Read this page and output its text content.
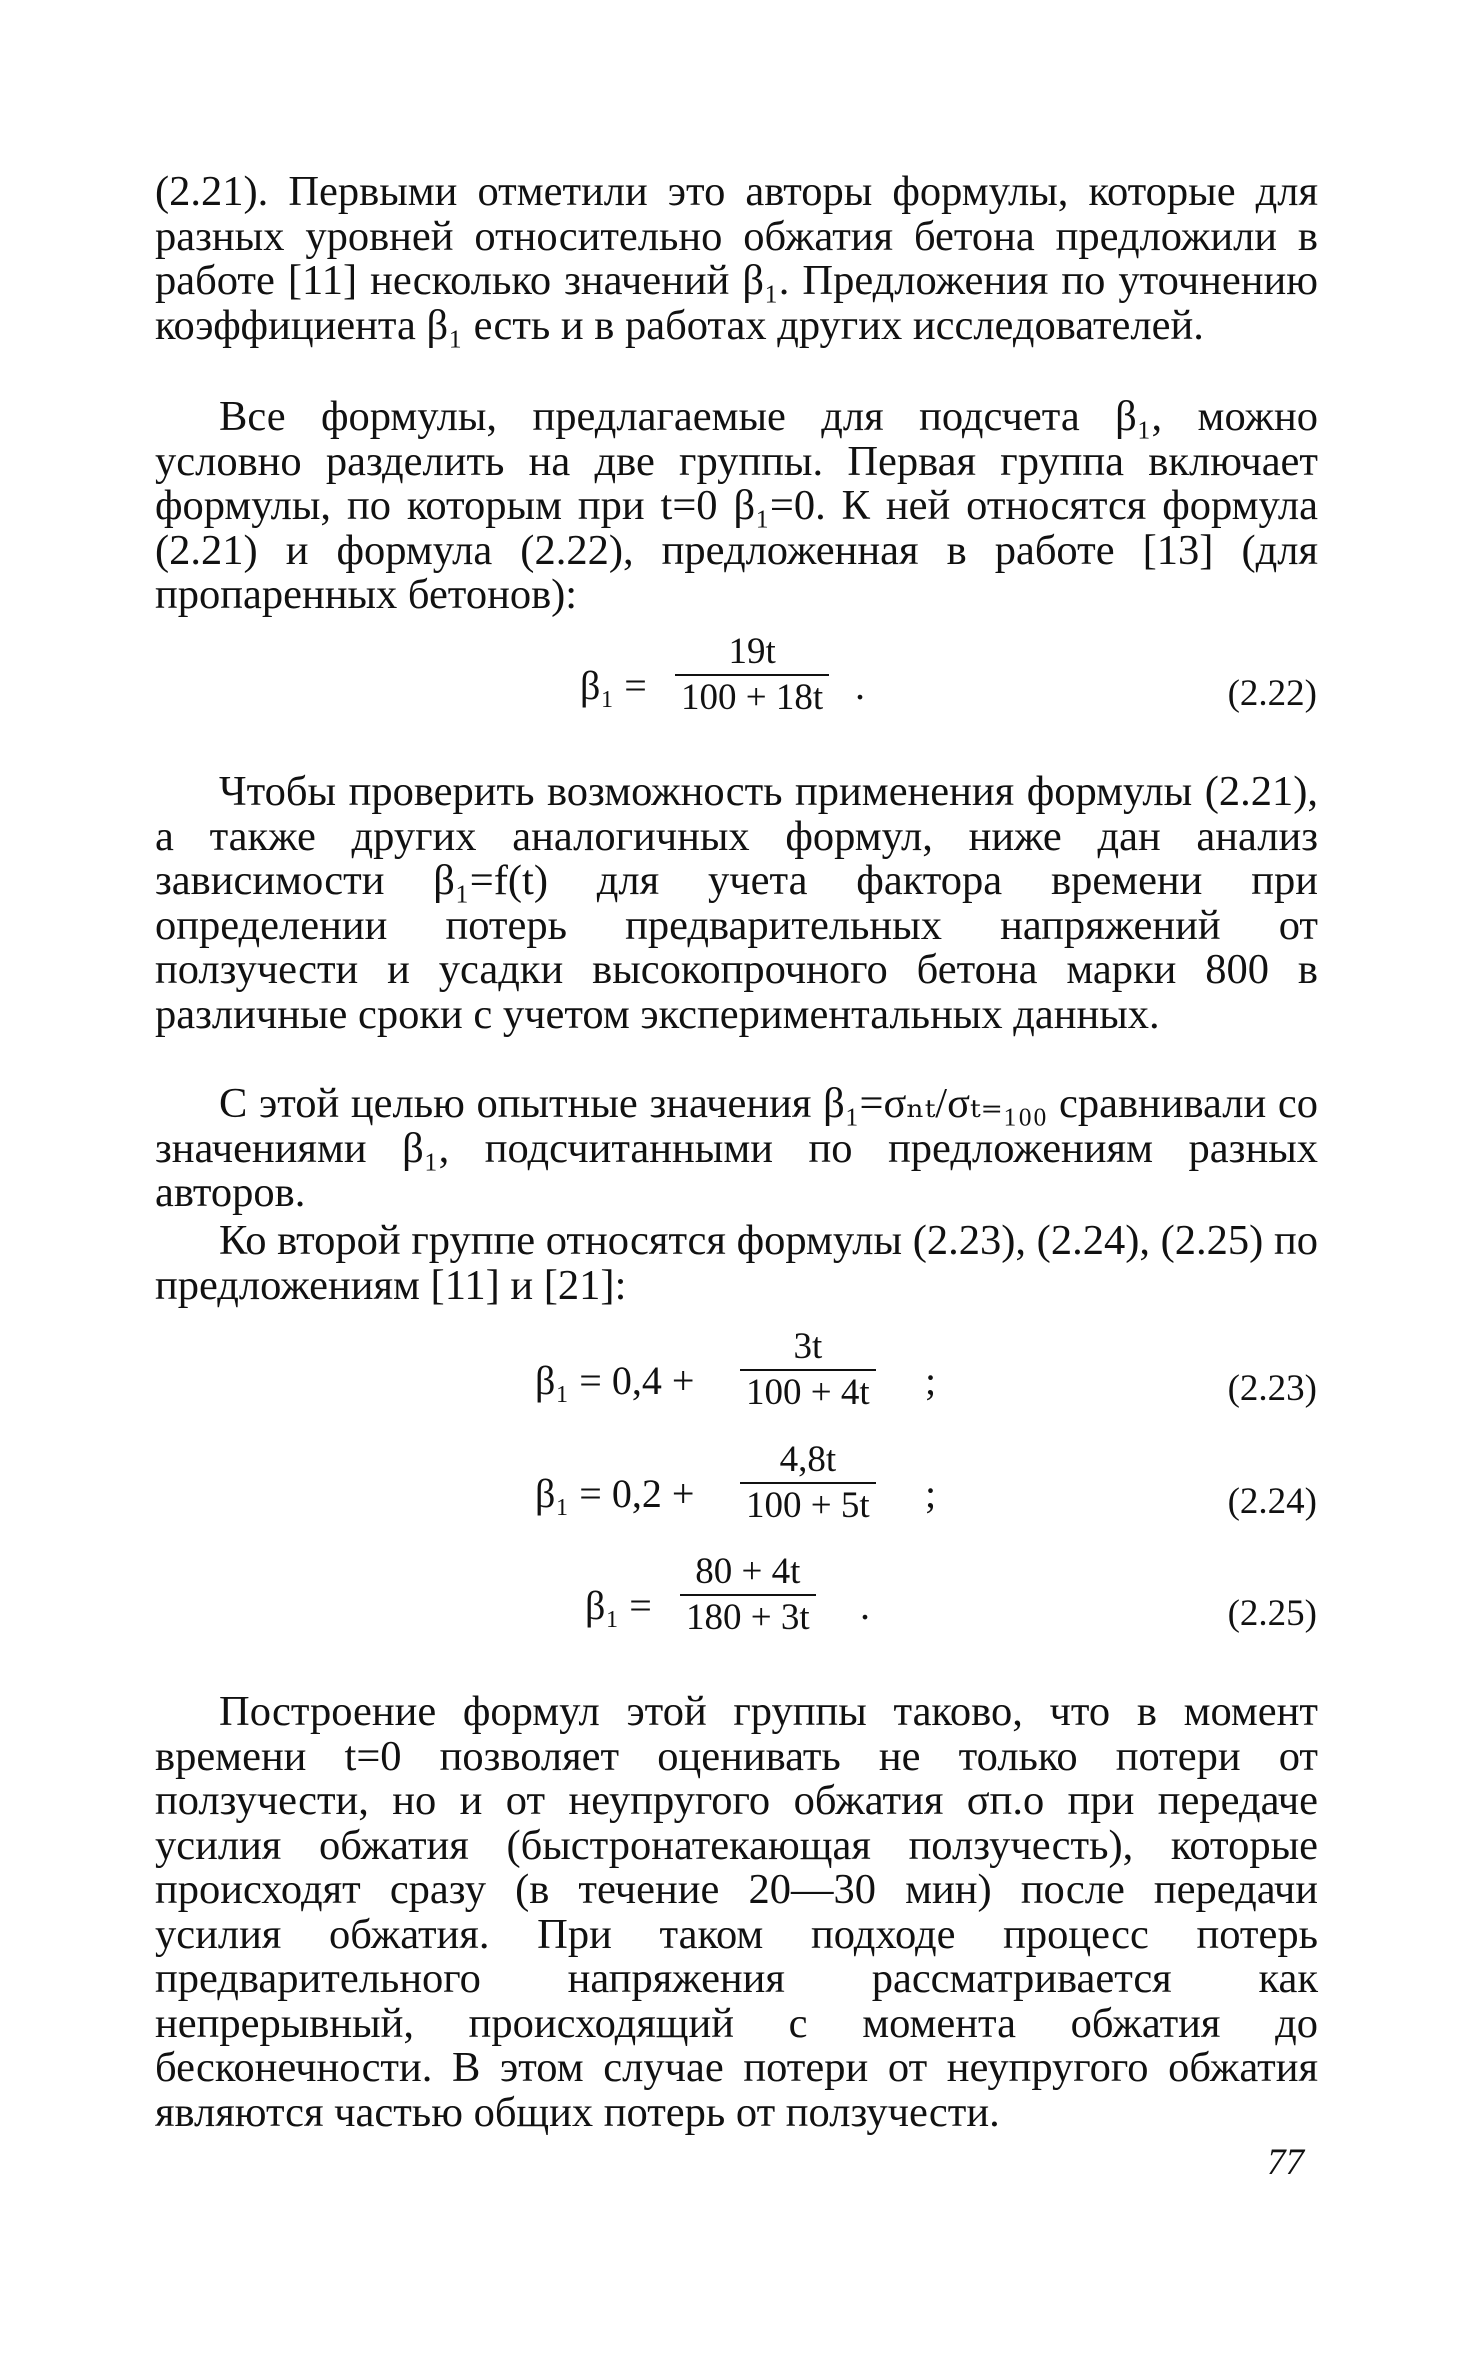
(2.21). Первыми отметили это авторы формулы, которые для разных уровней относительно обжатия бетона предложили в работе [11] несколько значений β₁. Предложения по уточнению коэффициента β₁ есть и в работах других исследователей.

Все формулы, предлагаемые для подсчета β₁, можно условно разделить на две группы. Первая группа включает формулы, по которым при t=0 β₁=0. К ней относятся формула (2.21) и формула (2.22), предложенная в работе [13] (для пропаренных бетонов):

β₁ =
19t
100 + 18t .	(2.22)

Чтобы проверить возможность применения формулы (2.21), а также других аналогичных формул, ниже дан анализ зависимости β₁=f(t) для учета фактора времени при определении потерь предварительных напряжений от ползучести и усадки высокопрочного бетона марки 800 в различные сроки с учетом экспериментальных данных.

С этой целью опытные значения β₁=σₙₜ/σₜ₌₁₀₀ сравнивали со значениями β₁, подсчитанными по предложениям разных авторов.

Ко второй группе относятся формулы (2.23), (2.24), (2.25) по предложениям [11] и [21]:

β₁ = 0,4 +
3t
100 + 4t ;	(2.23)
β₁ = 0,2 +
4,8t
100 + 5t ;	(2.24)
β₁ =
80 + 4t
180 + 3t .	(2.25)

Построение формул этой группы таково, что в момент времени t=0 позволяет оценивать не только потери от ползучести, но и от неупругого обжатия σп.о при передаче усилия обжатия (быстронатекающая ползучесть), которые происходят сразу (в течение 20—30 мин) после передачи усилия обжатия. При таком подходе процесс потерь предварительного напряжения рассматривается как непрерывный, происходящий с момента обжатия до бесконечности. В этом случае потери от неупругого обжатия являются частью общих потерь от ползучести.

77
